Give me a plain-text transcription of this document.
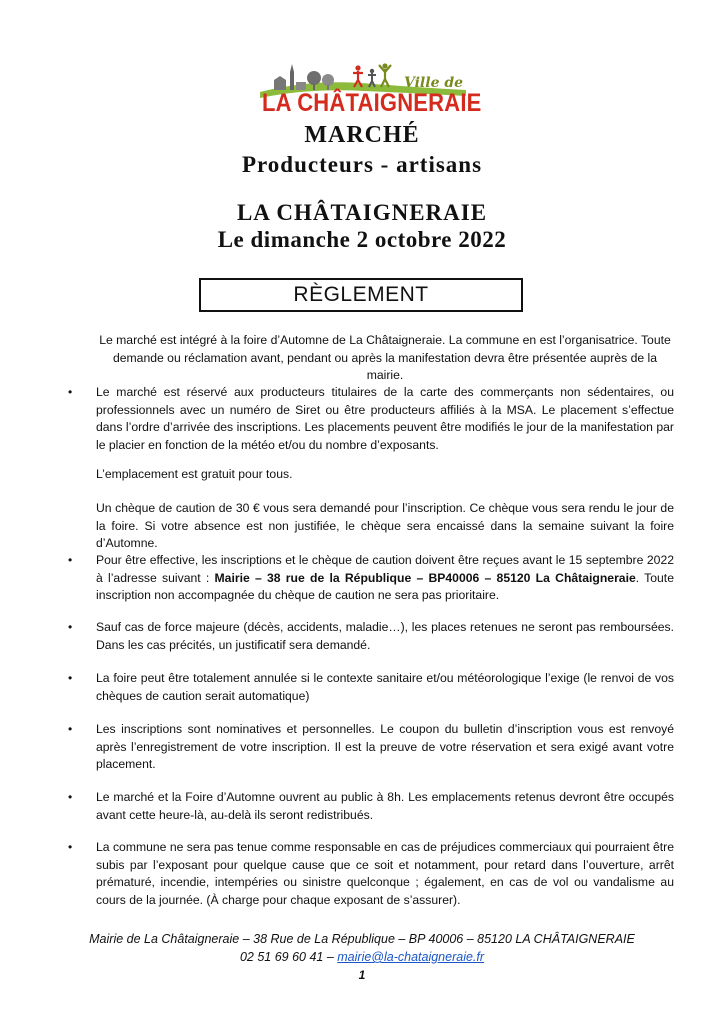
Ville de
LA CHÂTAIGNERAIE
MARCHÉ
Producteurs - artisans
LA CHÂTAIGNERAIE
Le dimanche 2 octobre 2022
RÈGLEMENT
Le marché est intégré à la foire d’Automne de La Châtaigneraie. La commune en est l’organisatrice. Toute demande ou réclamation avant, pendant ou après la manifestation devra être présentée auprès de la mairie.
•	Le marché est réservé aux producteurs titulaires de la carte des commerçants non sédentaires, ou professionnels avec un numéro de Siret ou être producteurs affiliés à la MSA. Le placement s’effectue dans l’ordre d’arrivée des inscriptions. Les placements peuvent être modifiés le jour de la manifestation par le placier en fonction de la météo et/ou du nombre d’exposants.
L’emplacement est gratuit pour tous.
Un chèque de caution de 30 € vous sera demandé pour l’inscription. Ce chèque vous sera rendu le jour de la foire. Si votre absence est non justifiée, le chèque sera encaissé dans la semaine suivant la foire d’Automne.
•	Pour être effective, les inscriptions et le chèque de caution doivent être reçues avant le 15 septembre 2022 à l’adresse suivant : Mairie – 38 rue de la République – BP40006 – 85120 La Châtaigneraie. Toute inscription non accompagnée du chèque de caution ne sera pas prioritaire.
•	Sauf cas de force majeure (décès, accidents, maladie…), les places retenues ne seront pas remboursées. Dans les cas précités, un justificatif sera demandé.
•	La foire peut être totalement annulée si le contexte sanitaire et/ou météorologique l’exige (le renvoi de vos chèques de caution serait automatique)
•	Les inscriptions sont nominatives et personnelles. Le coupon du bulletin d’inscription vous est renvoyé après l’enregistrement de votre inscription. Il est la preuve de votre réservation et sera exigé avant votre placement.
•	Le marché et la Foire d’Automne ouvrent au public à 8h. Les emplacements retenus devront être occupés avant cette heure-là, au-delà ils seront redistribués.
•	La commune ne sera pas tenue comme responsable en cas de préjudices commerciaux qui pourraient être subis par l’exposant pour quelque cause que ce soit et notamment, pour retard dans l’ouverture, arrêt prématuré, incendie, intempéries ou sinistre quelconque ; également, en cas de vol ou vandalisme au cours de la journée. (À charge pour chaque exposant de s’assurer).
Mairie de La Châtaigneraie – 38 Rue de La République – BP 40006 – 85120 LA CHÂTAIGNERAIE
02 51 69 60 41 – mairie@la-chataigneraie.fr
1
